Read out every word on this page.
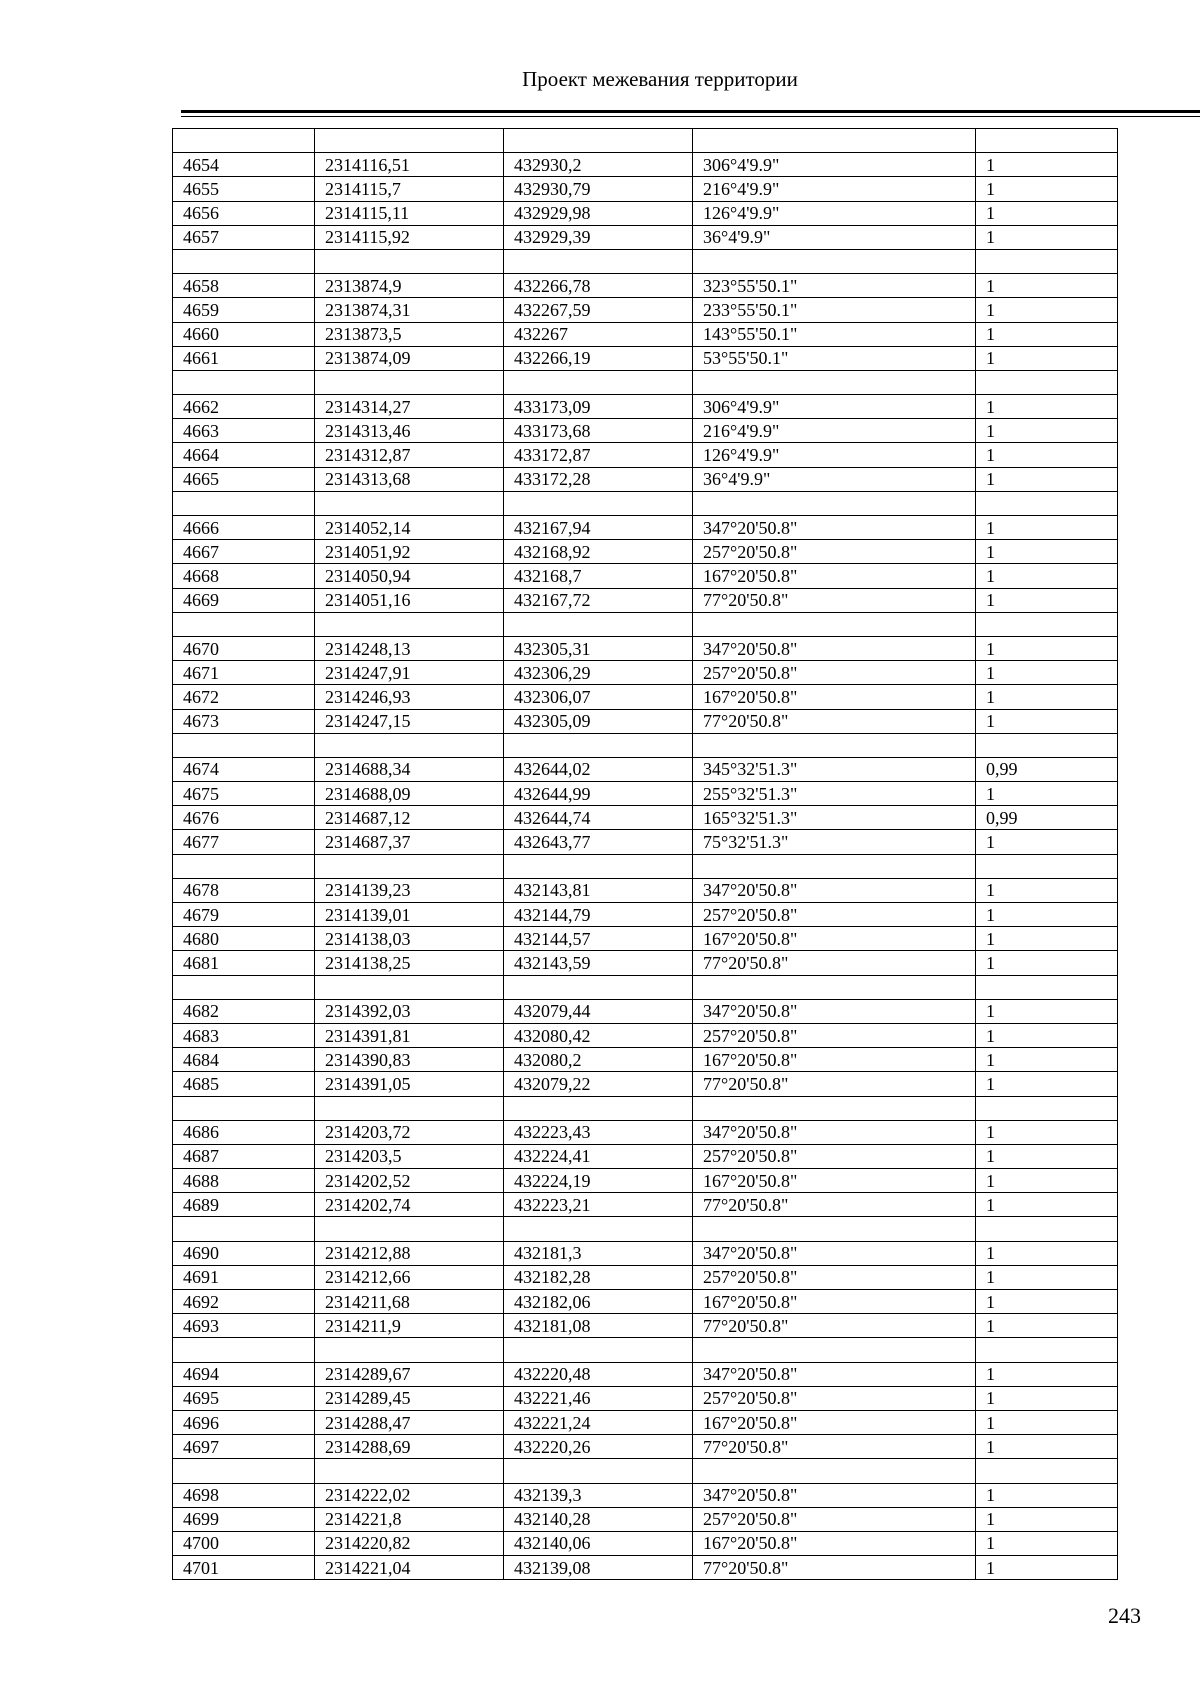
Проект межевания территории

4654	2314116,51	432930,2	306°4'9.9"	1
4655	2314115,7	432930,79	216°4'9.9"	1
4656	2314115,11	432929,98	126°4'9.9"	1
4657	2314115,92	432929,39	36°4'9.9"	1

4658	2313874,9	432266,78	323°55'50.1"	1
4659	2313874,31	432267,59	233°55'50.1"	1
4660	2313873,5	432267	143°55'50.1"	1
4661	2313874,09	432266,19	53°55'50.1"	1

4662	2314314,27	433173,09	306°4'9.9"	1
4663	2314313,46	433173,68	216°4'9.9"	1
4664	2314312,87	433172,87	126°4'9.9"	1
4665	2314313,68	433172,28	36°4'9.9"	1

4666	2314052,14	432167,94	347°20'50.8"	1
4667	2314051,92	432168,92	257°20'50.8"	1
4668	2314050,94	432168,7	167°20'50.8"	1
4669	2314051,16	432167,72	77°20'50.8"	1

4670	2314248,13	432305,31	347°20'50.8"	1
4671	2314247,91	432306,29	257°20'50.8"	1
4672	2314246,93	432306,07	167°20'50.8"	1
4673	2314247,15	432305,09	77°20'50.8"	1

4674	2314688,34	432644,02	345°32'51.3"	0,99
4675	2314688,09	432644,99	255°32'51.3"	1
4676	2314687,12	432644,74	165°32'51.3"	0,99
4677	2314687,37	432643,77	75°32'51.3"	1

4678	2314139,23	432143,81	347°20'50.8"	1
4679	2314139,01	432144,79	257°20'50.8"	1
4680	2314138,03	432144,57	167°20'50.8"	1
4681	2314138,25	432143,59	77°20'50.8"	1

4682	2314392,03	432079,44	347°20'50.8"	1
4683	2314391,81	432080,42	257°20'50.8"	1
4684	2314390,83	432080,2	167°20'50.8"	1
4685	2314391,05	432079,22	77°20'50.8"	1

4686	2314203,72	432223,43	347°20'50.8"	1
4687	2314203,5	432224,41	257°20'50.8"	1
4688	2314202,52	432224,19	167°20'50.8"	1
4689	2314202,74	432223,21	77°20'50.8"	1

4690	2314212,88	432181,3	347°20'50.8"	1
4691	2314212,66	432182,28	257°20'50.8"	1
4692	2314211,68	432182,06	167°20'50.8"	1
4693	2314211,9	432181,08	77°20'50.8"	1

4694	2314289,67	432220,48	347°20'50.8"	1
4695	2314289,45	432221,46	257°20'50.8"	1
4696	2314288,47	432221,24	167°20'50.8"	1
4697	2314288,69	432220,26	77°20'50.8"	1

4698	2314222,02	432139,3	347°20'50.8"	1
4699	2314221,8	432140,28	257°20'50.8"	1
4700	2314220,82	432140,06	167°20'50.8"	1
4701	2314221,04	432139,08	77°20'50.8"	1
243
